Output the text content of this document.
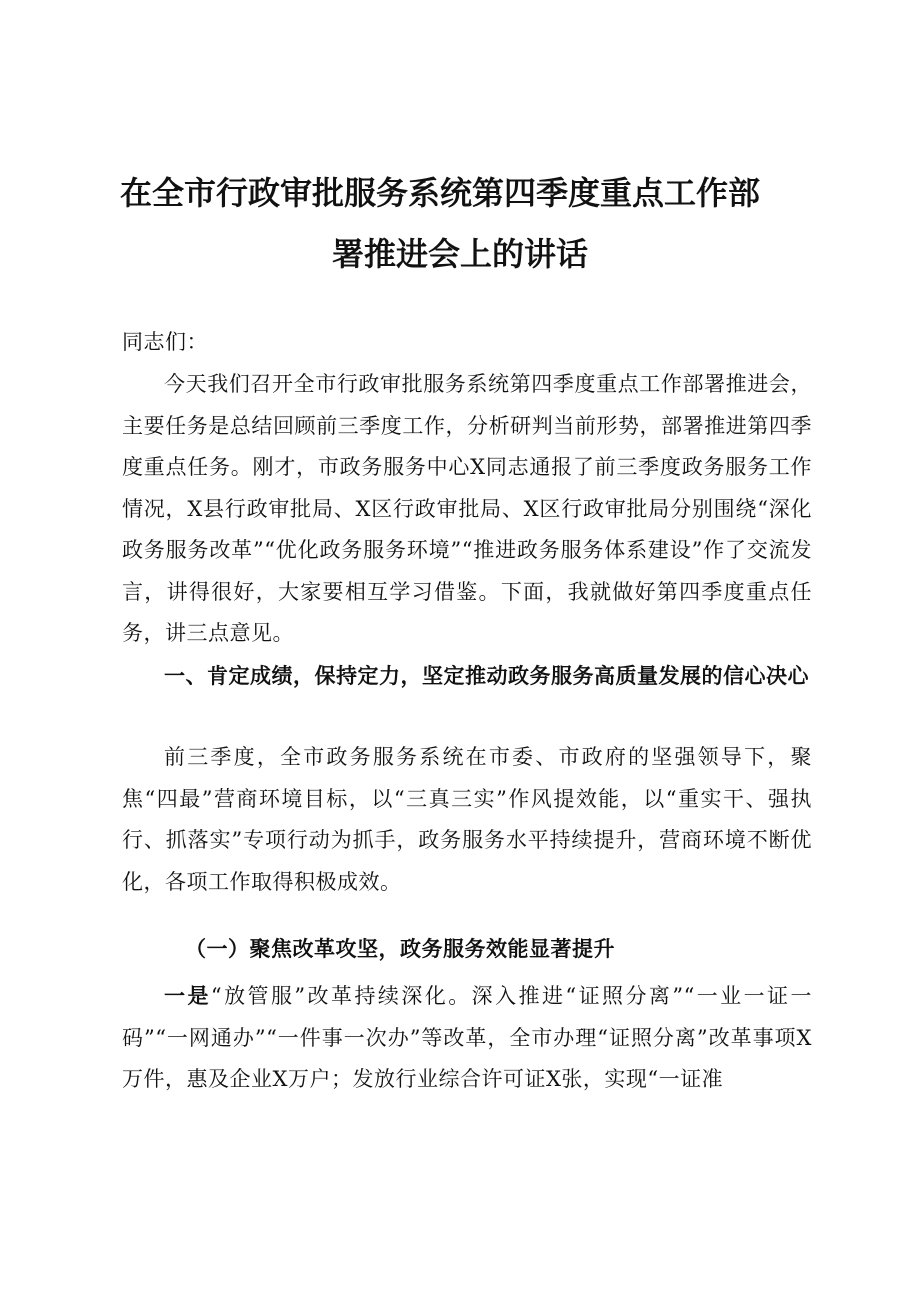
在全市行政审批服务系统第四季度重点工作部
署推进会上的讲话
同志们：
今天我们召开全市行政审批服务系统第四季度重点工作部署推进会，主要任务是总结回顾前三季度工作，分析研判当前形势，部署推进第四季度重点任务。刚才，市政务服务中心X同志通报了前三季度政务服务工作情况，X县行政审批局、X区行政审批局、X区行政审批局分别围绕“深化政务服务改革”“优化政务服务环境”“推进政务服务体系建设”作了交流发言，讲得很好，大家要相互学习借鉴。下面，我就做好第四季度重点任务，讲三点意见。
一、肯定成绩，保持定力，坚定推动政务服务高质量发展的信心决心
前三季度，全市政务服务系统在市委、市政府的坚强领导下，聚焦“四最”营商环境目标，以“三真三实”作风提效能，以“重实干、强执行、抓落实”专项行动为抓手，政务服务水平持续提升，营商环境不断优化，各项工作取得积极成效。
（一）聚焦改革攻坚，政务服务效能显著提升
一是“放管服”改革持续深化。深入推进“证照分离”“一业一证一码”“一网通办”“一件事一次办”等改革，全市办理“证照分离”改革事项X万件，惠及企业X万户；发放行业综合许可证X张，实现“一证准
